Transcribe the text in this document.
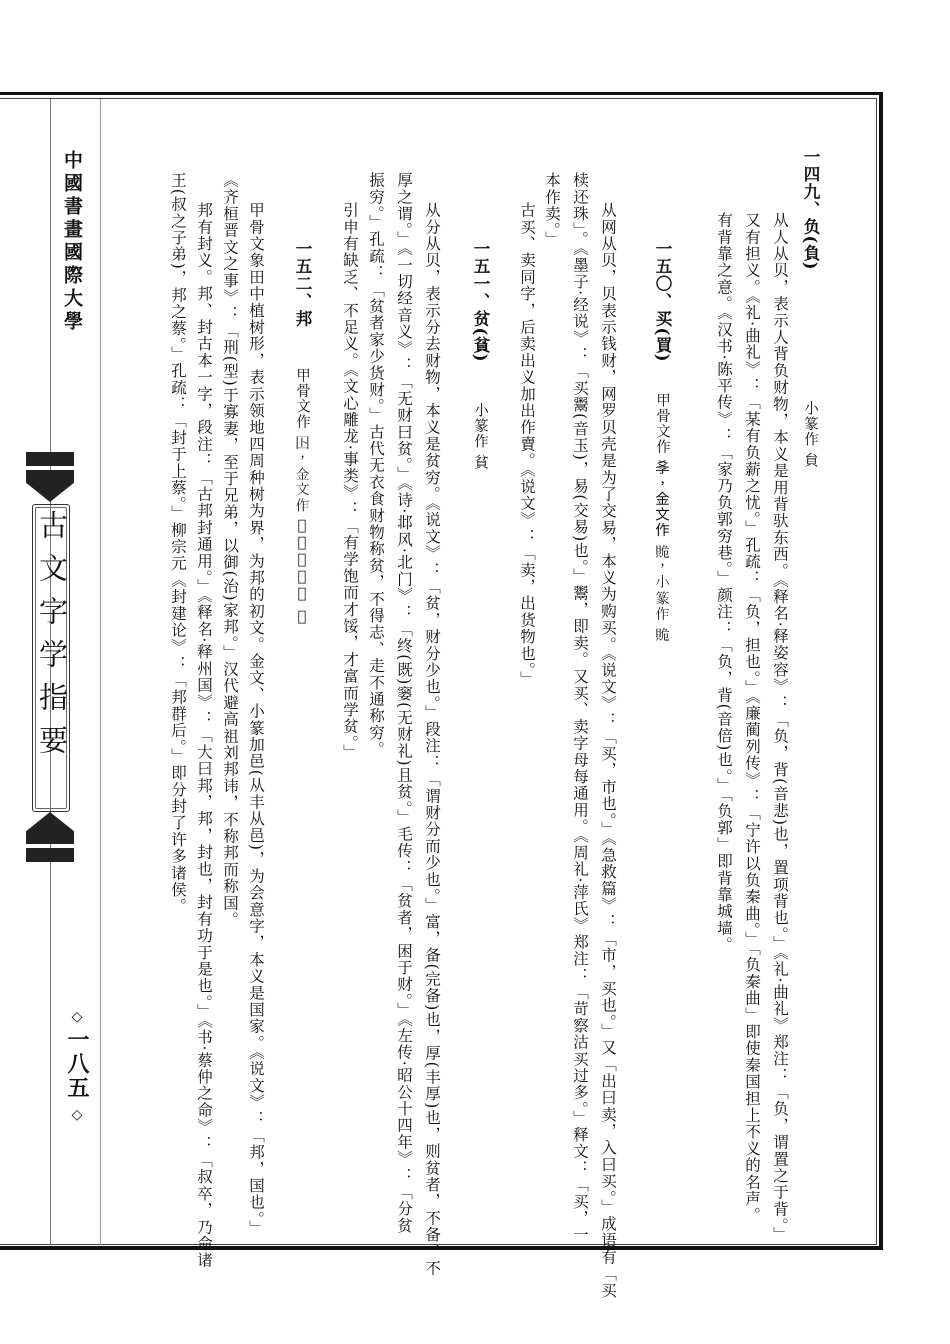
中國書畫國際大學
古文字学指要
◇
一八五
◇
一四九、负(負)小篆作 貟
从人从贝，表示人背负财物，本义是用背驮东西。《释名·释姿容》：「负，背(音悲)也，置项背也。」《礼·曲礼》郑注：「负，谓置之于背。」
又有担义。《礼·曲礼》：「某有负薪之忧。」孔疏：「负，担也。」《廉蔺列传》：「宁许以负秦曲。」「负秦曲」即使秦国担上不义的名声。
有背靠之意。《汉书·陈平传》：「家乃负郭穷巷。」颜注：「负，背(音倍)也。」「负郭」即背靠城墙。
一五〇、买(買)甲骨文作 𡥈，金文作 𧵥，小篆作 𧵥
从网从贝，贝表示钱财，网罗贝壳是为了交易，本义为购买。《说文》：「买，市也。」《急救篇》：「市，买也。」又「出曰卖，入曰买。」成语有「买
椟还珠」。《墨子·经说》：「买鬻(音玉)，易(交易)也。」鬻，即卖。又买、卖字母每通用。《周礼·萍氏》郑注：「苛察沽买过多。」释文：「买，一
本作卖。」
古买、卖同字，后卖出义加出作賣。《说文》：「卖，出货物也。」
一五一、贫(貧)小篆作 貧
从分从贝，表示分去财物，本义是贫穷。《说文》：「贫，财分少也。」段注：「谓财分而少也。」富，备(完备)也，厚(丰厚)也，则贫者，不备、不
厚之谓。」《一切经音义》：「无财曰贫。」《诗·邶风·北门》：「终(既)窭(无财礼)且贫。」毛传：「贫者，困于财。」《左传·昭公十四年》：「分贫
振穷。」孔疏：「贫者家少货财。」古代无衣食财物称贫，不得志、走不通称穷。
引申有缺乏、不足义。《文心雕龙·事类》：「有学饱而才馁，才富而学贫。」
一五二、邦甲骨文作 𡆥，金文作 𨛜，小篆作 𨛜
甲骨文象田中植树形，表示领地四周种树为界，为邦的初文。金文、小篆加邑(从丰从邑)，为会意字，本义是国家。《说文》：「邦，国也。」
《齐桓晋文之事》：「刑(型)于寡妻，至于兄弟，以御(治)家邦。」汉代避高祖刘邦讳，不称邦而称国。
邦有封义。邦、封古本一字，段注：「古邦封通用。」《释名·释州国》：「大曰邦，邦，封也，封有功于是也。」《书·蔡仲之命》：「叔卒，乃命诸
王(叔之子弟)，邦之蔡。」孔疏：「封于上蔡。」柳宗元《封建论》：「邦群后。」即分封了许多诸侯。
